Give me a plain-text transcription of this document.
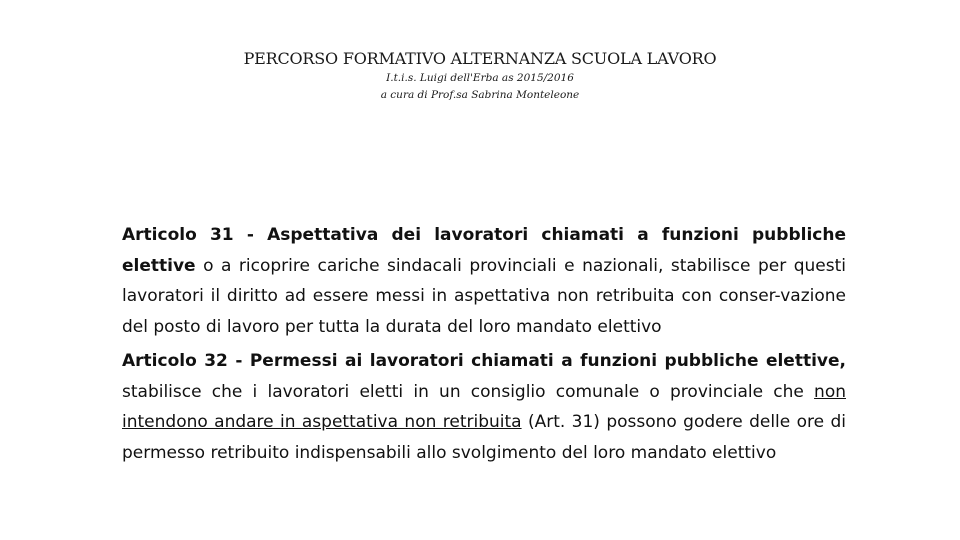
PERCORSO FORMATIVO ALTERNANZA SCUOLA LAVORO
I.t.i.s. Luigi dell'Erba as 2015/2016
a cura di Prof.sa Sabrina Monteleone

Articolo 31 - Aspettativa dei lavoratori chiamati a funzioni pubbliche elettive o a ricoprire cariche sindacali provinciali e nazionali, stabilisce per questi lavoratori il diritto ad essere messi in aspettativa non retribuita con conser-vazione del posto di lavoro per tutta la durata del loro mandato elettivo

Articolo 32 - Permessi ai lavoratori chiamati a funzioni pubbliche elettive, stabilisce che i lavoratori eletti in un consiglio comunale o provinciale che non intendono andare in aspettativa non retribuita (Art. 31) possono godere delle ore di permesso retribuito indispensabili allo svolgimento del loro mandato elettivo
